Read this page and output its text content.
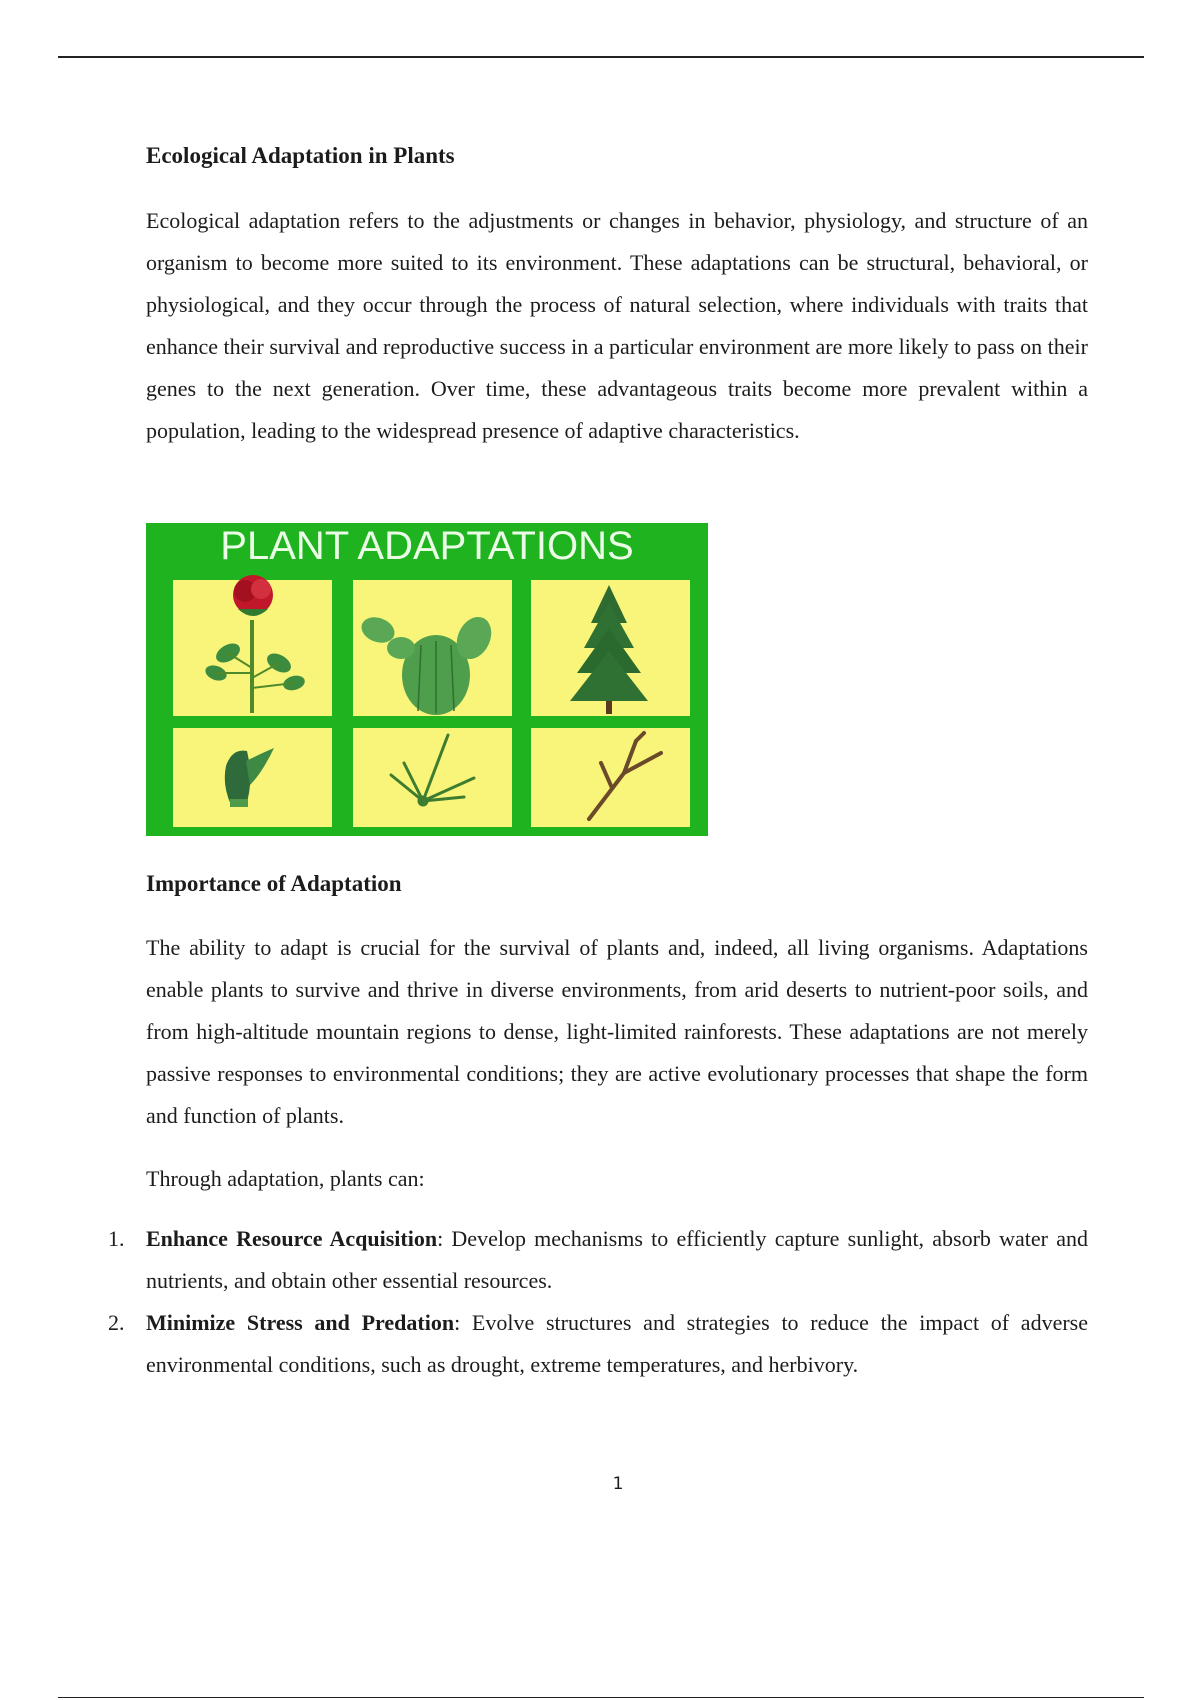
Ecological Adaptation in Plants

Ecological adaptation refers to the adjustments or changes in behavior, physiology, and structure of an organism to become more suited to its environment. These adaptations can be structural, behavioral, or physiological, and they occur through the process of natural selection, where individuals with traits that enhance their survival and reproductive success in a particular environment are more likely to pass on their genes to the next generation. Over time, these advantageous traits become more prevalent within a population, leading to the widespread presence of adaptive characteristics.

PLANT ADAPTATIONS
Importance of Adaptation

The ability to adapt is crucial for the survival of plants and, indeed, all living organisms. Adaptations enable plants to survive and thrive in diverse environments, from arid deserts to nutrient-poor soils, and from high-altitude mountain regions to dense, light-limited rainforests. These adaptations are not merely passive responses to environmental conditions; they are active evolutionary processes that shape the form and function of plants.

Through adaptation, plants can:

1. Enhance Resource Acquisition: Develop mechanisms to efficiently capture sunlight, absorb water and nutrients, and obtain other essential resources.
2. Minimize Stress and Predation: Evolve structures and strategies to reduce the impact of adverse environmental conditions, such as drought, extreme temperatures, and herbivory.
1
